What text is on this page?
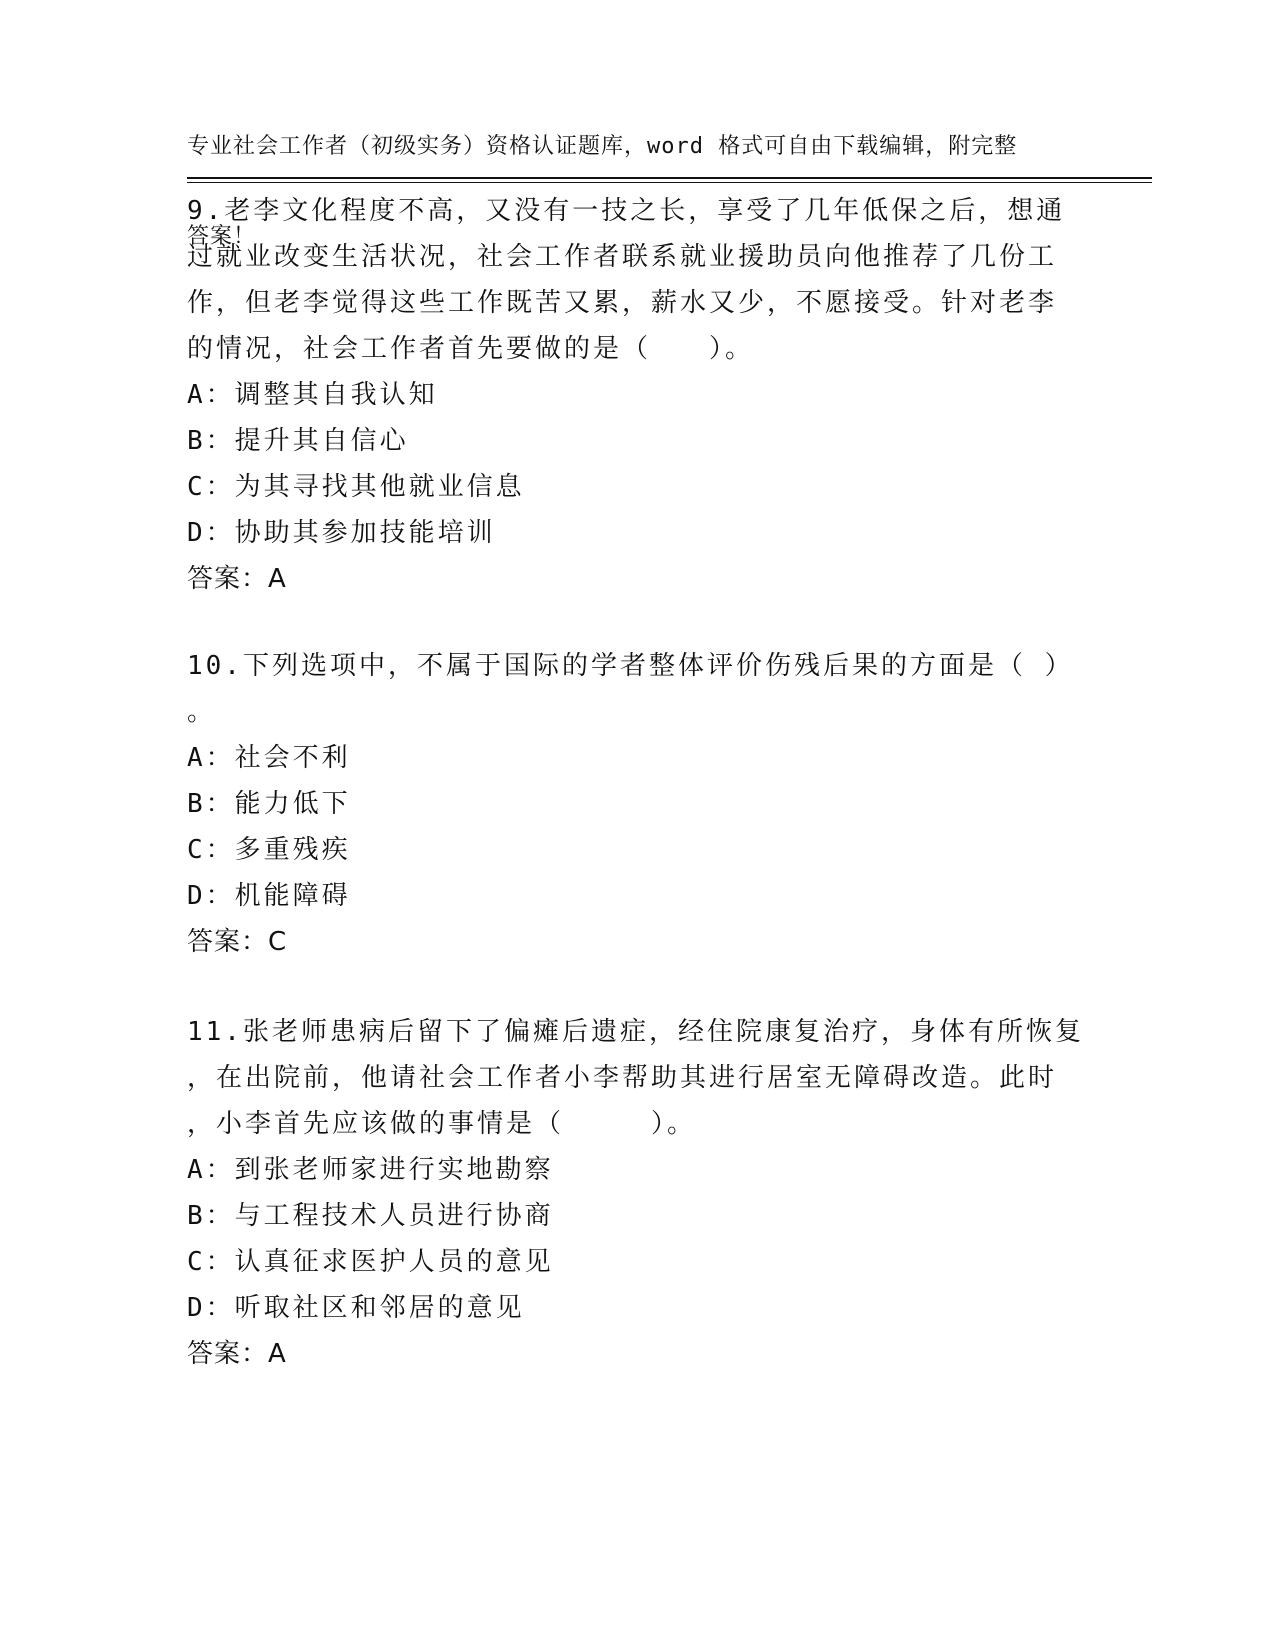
专业社会工作者（初级实务）资格认证题库，word 格式可自由下载编辑，附完整

答案！

9.老李文化程度不高，又没有一技之长，享受了几年低保之后，想通
过就业改变生活状况，社会工作者联系就业援助员向他推荐了几份工
作，但老李觉得这些工作既苦又累，薪水又少，不愿接受。针对老李
的情况，社会工作者首先要做的是（　　）。
A：调整其自我认知
B：提升其自信心
C：为其寻找其他就业信息
D：协助其参加技能培训
答案：A
10.下列选项中，不属于国际的学者整体评价伤残后果的方面是（ ）
。
A：社会不利
B：能力低下
C：多重残疾
D：机能障碍
答案：C
11.张老师患病后留下了偏瘫后遗症，经住院康复治疗，身体有所恢复
，在出院前，他请社会工作者小李帮助其进行居室无障碍改造。此时
，小李首先应该做的事情是（　　　）。
A：到张老师家进行实地勘察
B：与工程技术人员进行协商
C：认真征求医护人员的意见
D：听取社区和邻居的意见
答案：A
